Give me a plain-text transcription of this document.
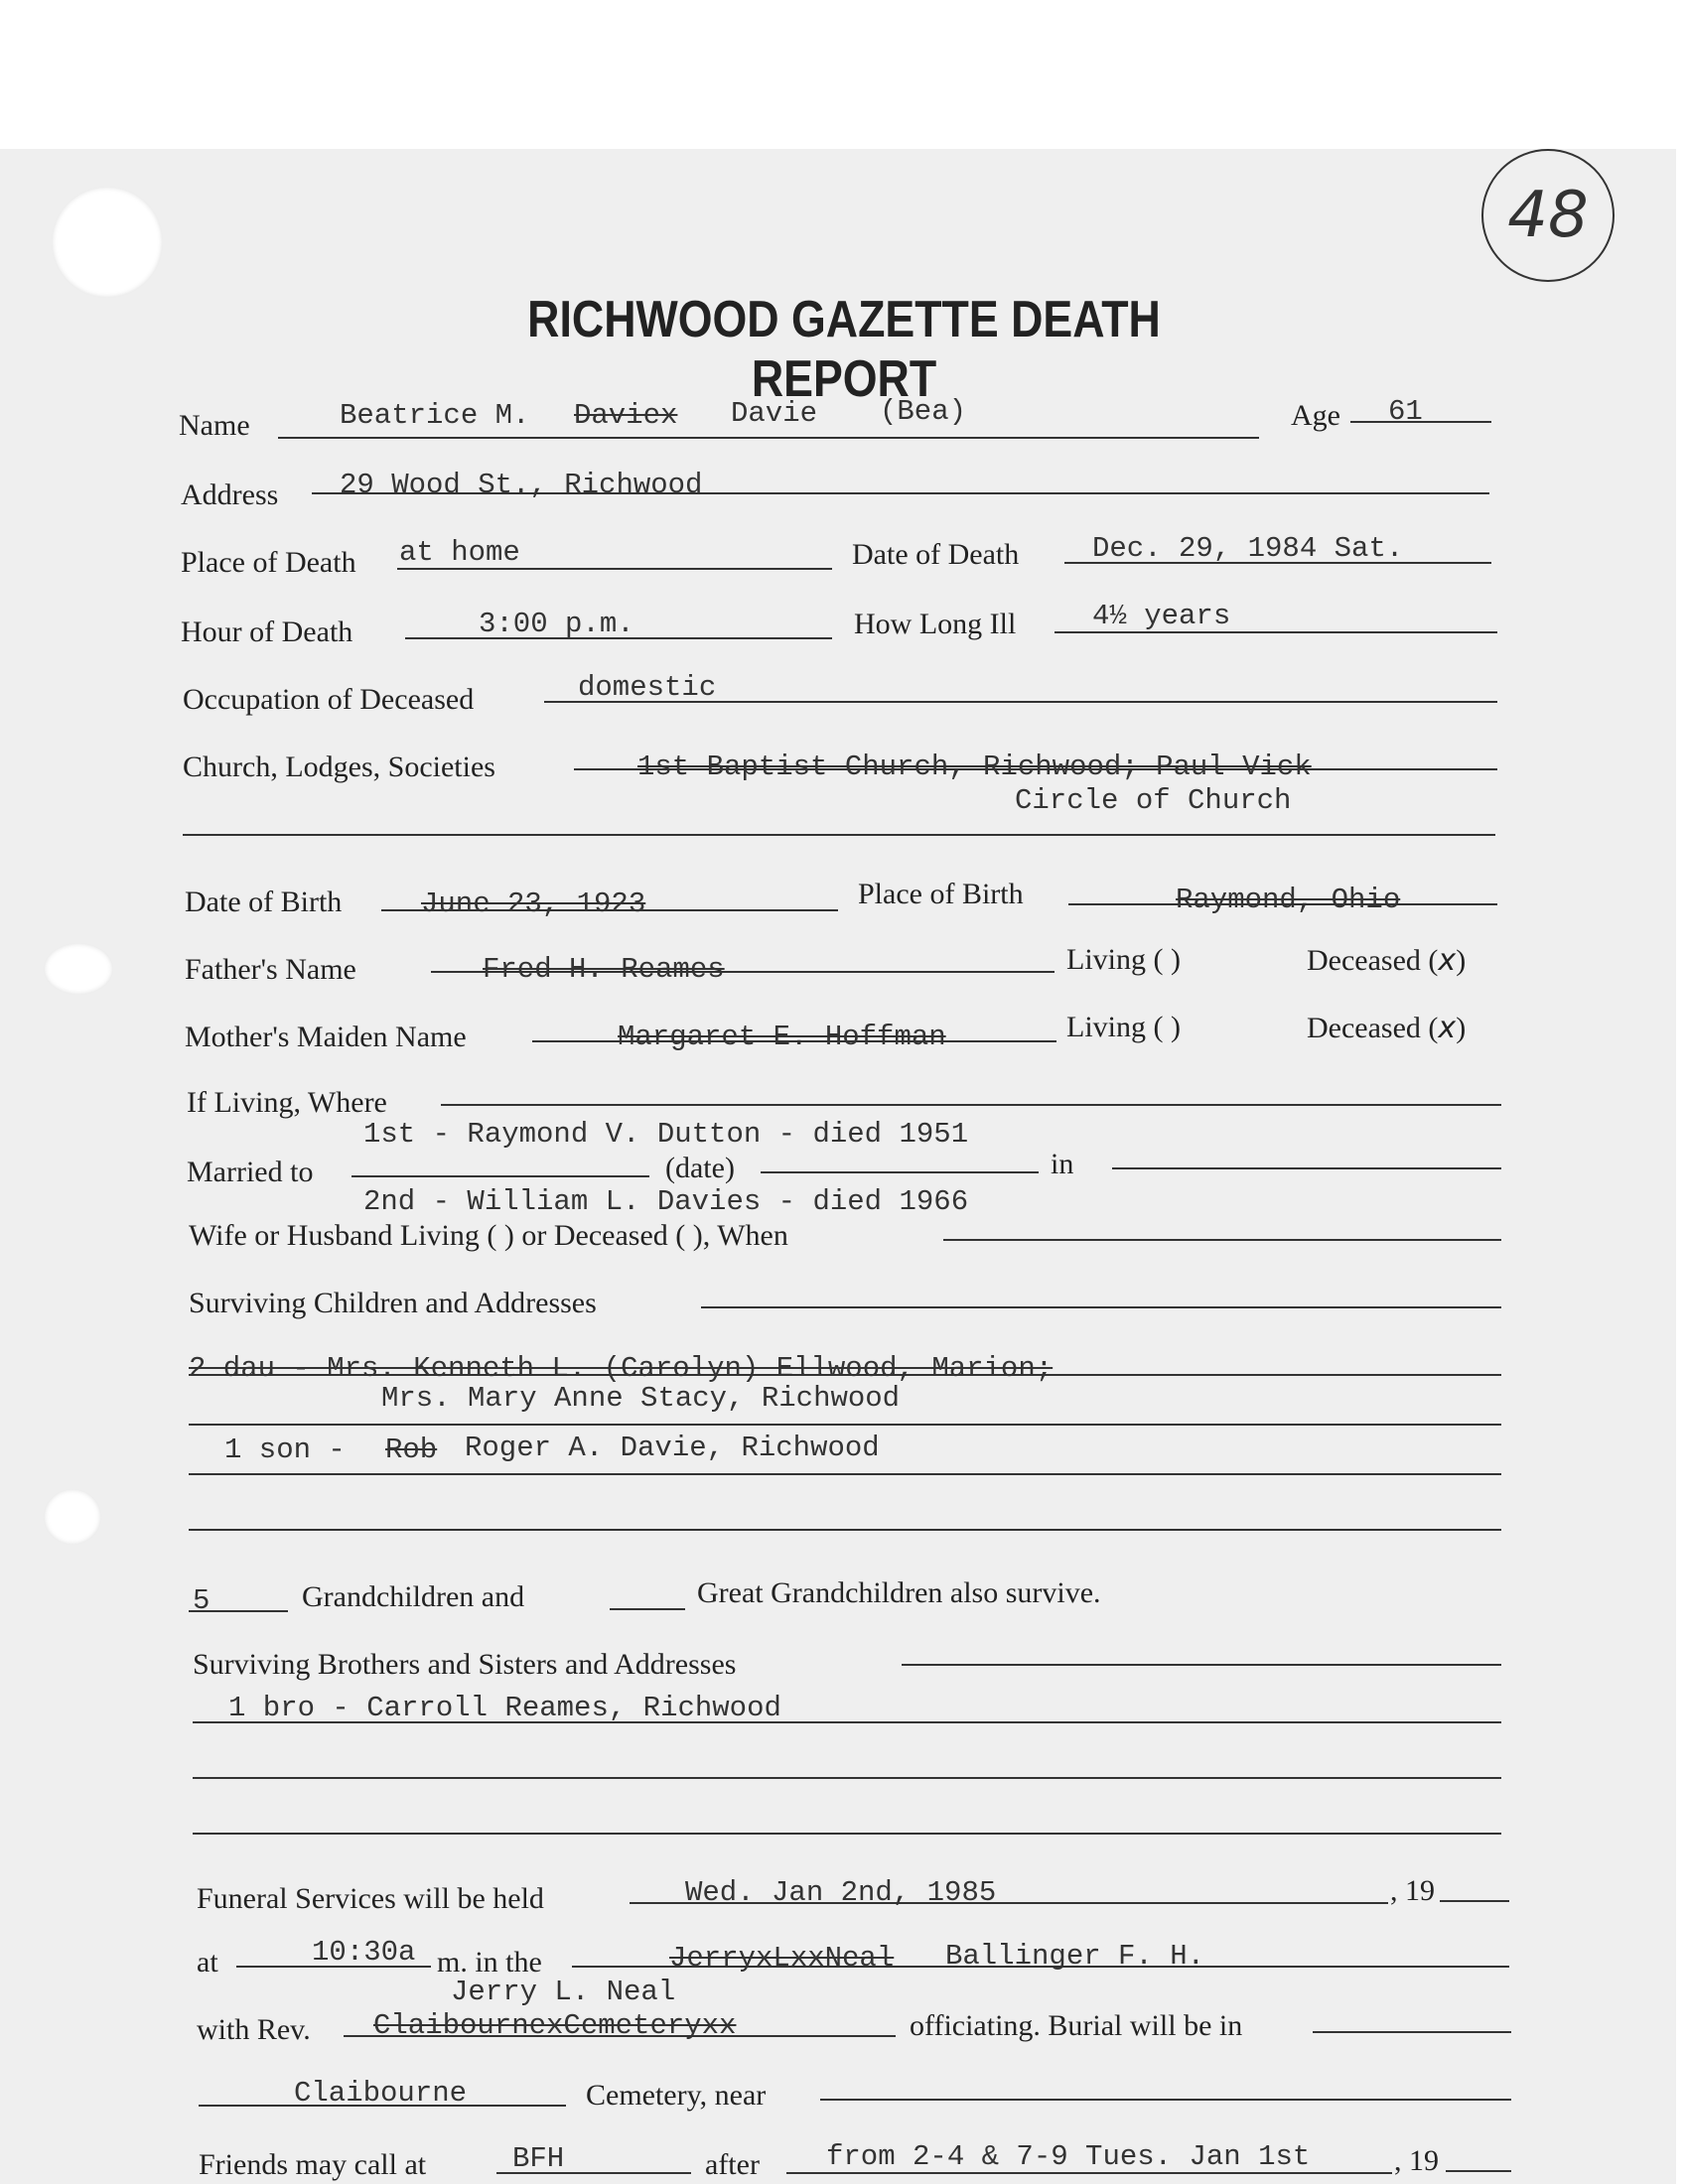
48
RICHWOOD GAZETTE DEATH REPORT
Name	Beatrice M. Daviex Davie (Bea)	Age 61
Address 29 Wood St., Richwood
Place of Death at home	Date of Death	Dec. 29, 1984 Sat.
Hour of Death	3:00 p.m.	How Long Ill	4½ years
Occupation of Deceased	domestic
Church, Lodges, Societies	1st Baptist Church, Richwood; Paul Vick
Circle of Church
Date of Birth	June 23, 1923	Place of Birth	Raymond, Ohio
Father's Name	Fred H. Reames	Living ( )	Deceased (x)
Mother's Maiden Name	Margaret E. Hoffman	Living ( )	Deceased (x)
If Living, Where
1st - Raymond V. Dutton - died 1951
Married to	(date)	in
2nd - William L. Davies - died 1966
Wife or Husband Living ( ) or Deceased ( ), When
Surviving Children and Addresses
2 dau - Mrs. Kenneth L. (Carolyn) Ellwood, Marion;
Mrs. Mary Anne Stacy, Richwood
1 son - Rob Roger A. Davie, Richwood
5	Grandchildren and	Great Grandchildren also survive.
Surviving Brothers and Sisters and Addresses
1 bro - Carroll Reames, Richwood
Funeral Services will be held	Wed. Jan 2nd, 1985	, 19
at	10:30a m. in the	JerryxLxxNeal Ballinger F. H.
Jerry L. Neal
with Rev. ClaibournexCemeteryxx	officiating. Burial will be in
Claibourne	Cemetery, near
Friends may call at	BFH	after from 2-4 & 7-9 Tues. Jan 1st	, 19
